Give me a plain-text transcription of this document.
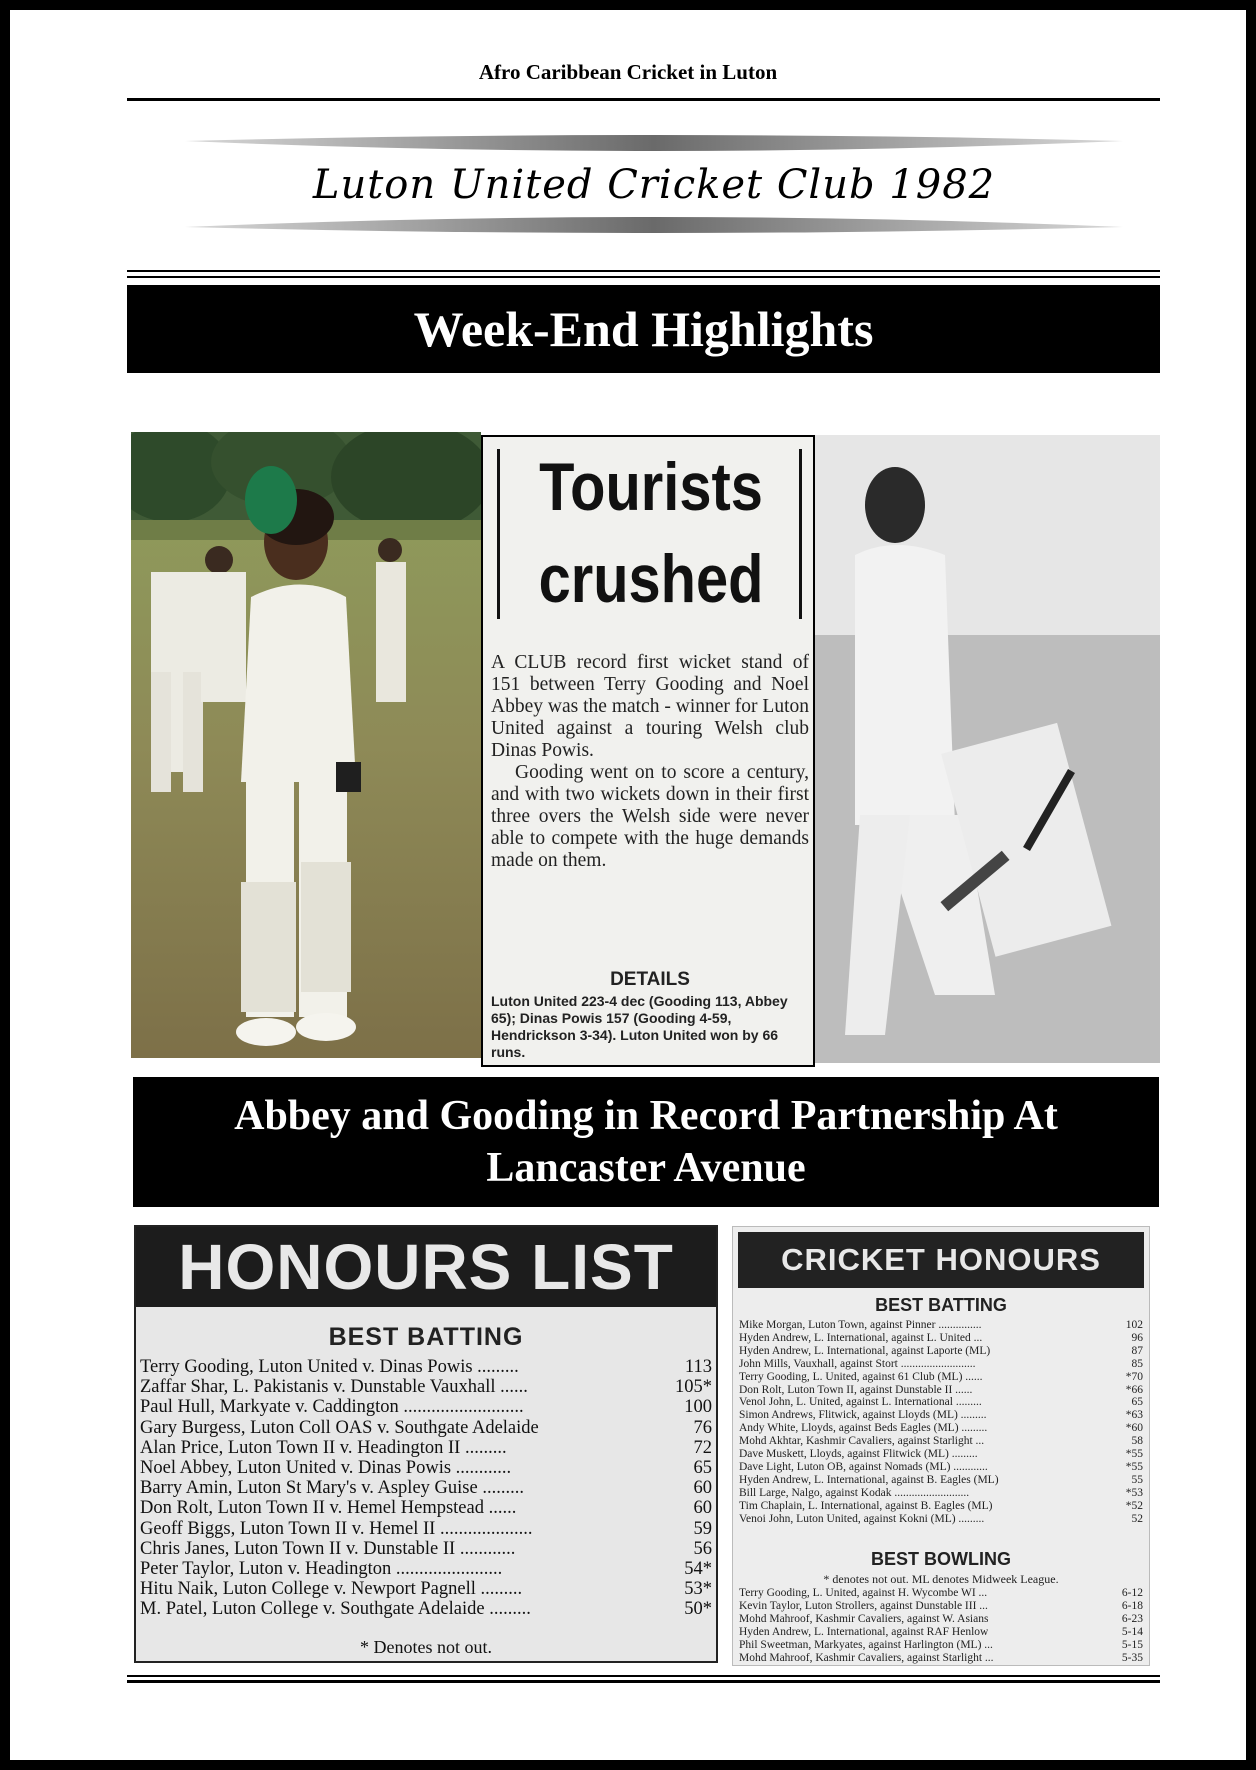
Afro Caribbean Cricket in Luton
Luton United Cricket Club 1982
Week-End Highlights
Tourists
crushed
A CLUB record first wicket stand of 151 between Terry Gooding and Noel Abbey was the match - winner for Luton United against a touring Welsh club Dinas Powis.
Gooding went on to score a century, and with two wickets down in their first three overs the Welsh side were never able to compete with the huge demands made on them.
DETAILS
Luton United 223-4 dec (Gooding 113, Abbey 65); Dinas Powis 157 (Gooding 4-59, Hendrickson 3-34). Luton United won by 66 runs.
Abbey and Gooding in Record Partnership At
Lancaster Avenue
HONOURS LIST
BEST BATTING
Terry Gooding, Luton United v. Dinas Powis .........	113
Zaffar Shar, L. Pakistanis v. Dunstable Vauxhall ......	105*
Paul Hull, Markyate v. Caddington ..........................	100
Gary Burgess, Luton Coll OAS v. Southgate Adelaide	76
Alan Price, Luton Town II v. Headington II .........	72
Noel Abbey, Luton United v. Dinas Powis ............	65
Barry Amin, Luton St Mary's v. Aspley Guise .........	60
Don Rolt, Luton Town II v. Hemel Hempstead ......	60
Geoff Biggs, Luton Town II v. Hemel II ....................	59
Chris Janes, Luton Town II v. Dunstable II ............	56
Peter Taylor, Luton v. Headington .......................	54*
Hitu Naik, Luton College v. Newport Pagnell .........	53*
M. Patel, Luton College v. Southgate Adelaide .........	50*
* Denotes not out.
CRICKET HONOURS
BEST BATTING
Mike Morgan, Luton Town, against Pinner ...............	102
Hyden Andrew, L. International, against L. United ...	96
Hyden Andrew, L. International, against Laporte (ML)	87
John Mills, Vauxhall, against Stort ..........................	85
Terry Gooding, L. United, against 61 Club (ML) ......	*70
Don Rolt, Luton Town II, against Dunstable II ......	*66
Venol John, L. United, against L. International .........	65
Simon Andrews, Flitwick, against Lloyds (ML) .........	*63
Andy White, Lloyds, against Beds Eagles (ML) .........	*60
Mohd Akhtar, Kashmir Cavaliers, against Starlight ...	58
Dave Muskett, Lloyds, against Flitwick (ML) .........	*55
Dave Light, Luton OB, against Nomads (ML) ............	*55
Hyden Andrew, L. International, against B. Eagles (ML)	55
Bill Large, Nalgo, against Kodak ..........................	*53
Tim Chaplain, L. International, against B. Eagles (ML)	*52
Venoi John, Luton United, against Kokni (ML) .........	52
BEST BOWLING
* denotes not out. ML denotes Midweek League.
Terry Gooding, L. United, against H. Wycombe WI ...	6-12
Kevin Taylor, Luton Strollers, against Dunstable III ...	6-18
Mohd Mahroof, Kashmir Cavaliers, against W. Asians	6-23
Hyden Andrew, L. International, against RAF Henlow	5-14
Phil Sweetman, Markyates, against Harlington (ML) ...	5-15
Mohd Mahroof, Kashmir Cavaliers, against Starlight ...	5-35
